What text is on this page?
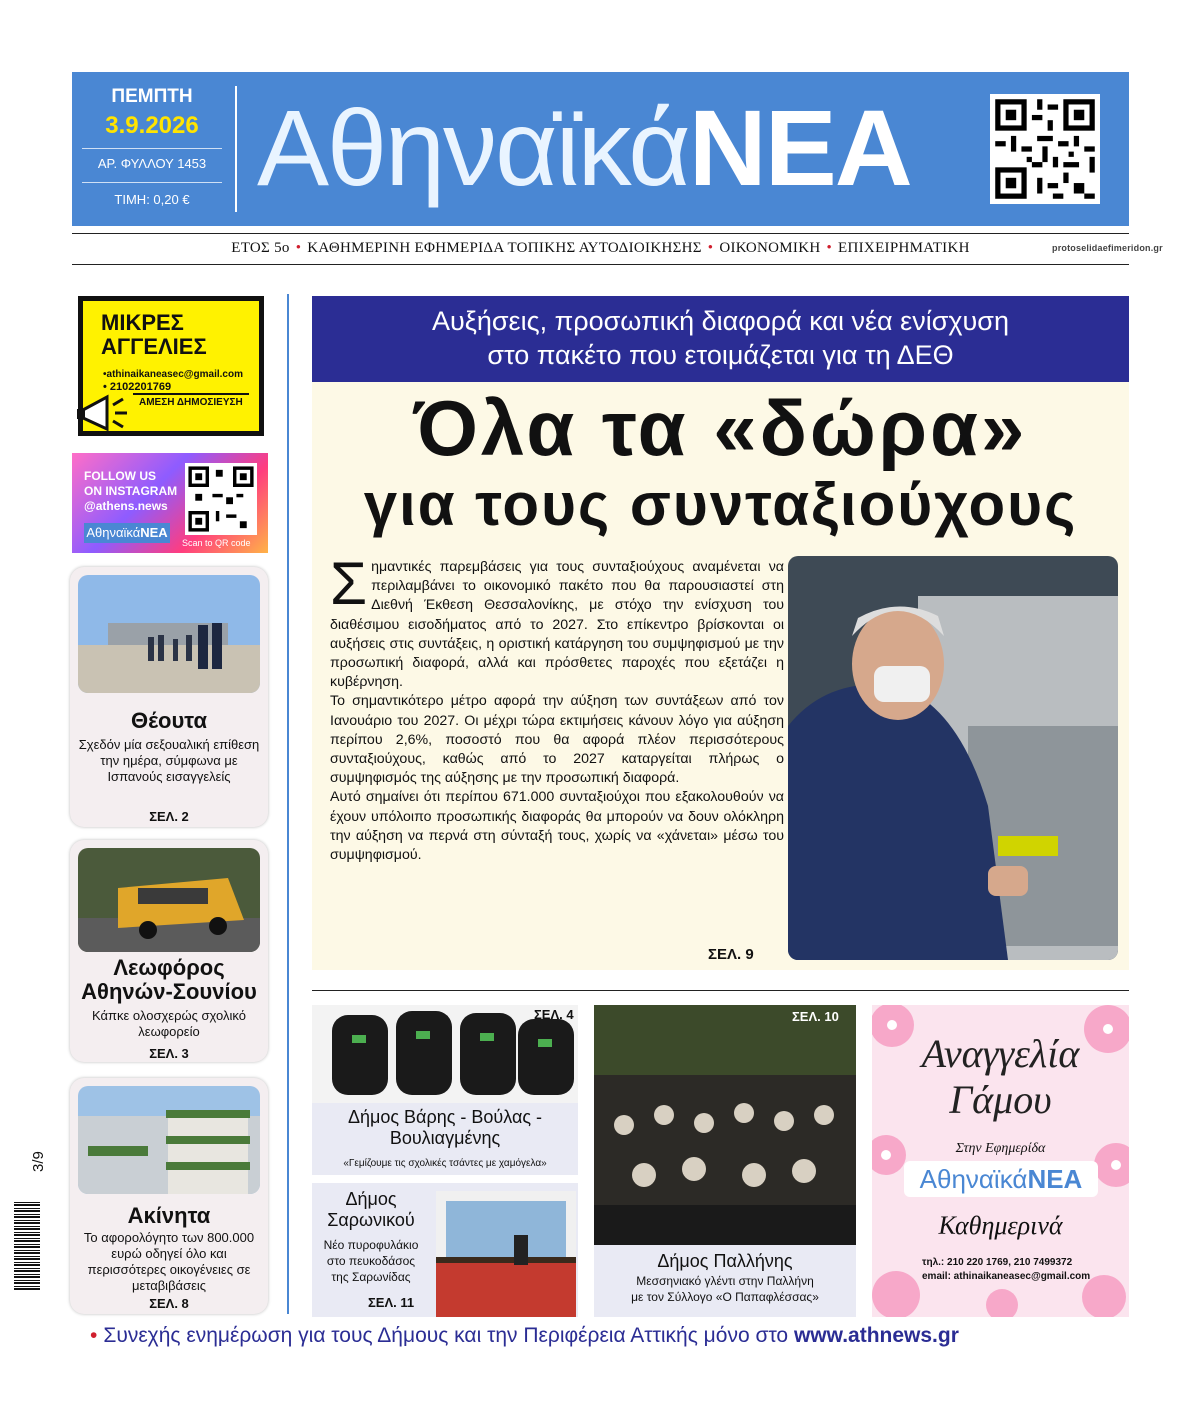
ΠΕΜΠΤΗ
3.9.2026
ΑΡ. ΦΥΛΛΟΥ 1453
ΤΙΜΗ: 0,20 € ΑθηναϊκάΝΕΑ
ΕΤΟΣ 5ο • ΚΑΘΗΜΕΡΙΝΗ ΕΦΗΜΕΡΙΔΑ ΤΟΠΙΚΗΣ ΑΥΤΟΔΙΟΙΚΗΣΗΣ • ΟΙΚΟΝΟΜΙΚΗ • ΕΠΙΧΕΙΡΗΜΑΤΙΚΗ	protoselidaefimeridon.gr
ΜΙΚΡΕΣ
ΑΓΓΕΛΙΕΣ
•athinaikaneasec@gmail.com
• 2102201769
ΑΜΕΣΗ ΔΗΜΟΣΙΕΥΣΗ
FOLLOW US
ON INSTAGRAM
@athens.news
ΑθηναϊκάΝΕΑ
Scan to QR code
Θέουτα
Σχεδόν μία σεξουαλική επίθεση την ημέρα, σύμφωνα με Ισπανούς εισαγγελείς
ΣΕΛ. 2
Λεωφόρος Αθηνών-Σουνίου
Κάπκε ολοσχερώς σχολικό λεωφορείο
ΣΕΛ. 3
Ακίνητα
Το αφορολόγητο των 800.000 ευρώ οδηγεί όλο και περισσότερες οικογένειες σε μεταβιβάσεις
ΣΕΛ. 8
Αυξήσεις, προσωπική διαφορά και νέα ενίσχυση
στο πακέτο που ετοιμάζεται για τη ΔΕΘ
Όλα τα «δώρα»
για τους συνταξιούχους
Σημαντικές παρεμβάσεις για τους συνταξιούχους αναμένεται να περιλαμβάνει το οικονομικό πακέτο που θα παρουσιαστεί στη Διεθνή Έκθεση Θεσσαλονίκης, με στόχο την ενίσχυση του διαθέσιμου εισοδήματος από το 2027. Στο επίκεντρο βρίσκονται οι αυξήσεις στις συντάξεις, η οριστική κατάργηση του συμψηφισμού με την προσωπική διαφορά, αλλά και πρόσθετες παροχές που εξετάζει η κυβέρνηση.
Το σημαντικότερο μέτρο αφορά την αύξηση των συντάξεων από τον Ιανουάριο του 2027. Οι μέχρι τώρα εκτιμήσεις κάνουν λόγο για αύξηση περίπου 2,6%, ποσοστό που θα αφορά πλέον περισσότερους συνταξιούχους, καθώς από το 2027 καταργείται πλήρως ο συμψηφισμός της αύξησης με την προσωπική διαφορά.
Αυτό σημαίνει ότι περίπου 671.000 συνταξιούχοι που εξακολουθούν να έχουν υπόλοιπο προσωπικής διαφοράς θα μπορούν να δουν ολόκληρη την αύξηση να περνά στη σύνταξή τους, χωρίς να «χάνεται» μέσω του συμψηφισμού.
ΣΕΛ. 9
ΣΕΛ. 4
Δήμος Βάρης - Βούλας - Βουλιαγμένης
«Γεμίζουμε τις σχολικές τσάντες με χαμόγελα»
Δήμος Σαρωνικού
Νέο πυροφυλάκιο στο πευκοδάσος της Σαρωνίδας
ΣΕΛ. 11
ΣΕΛ. 10
Δήμος Παλλήνης
Μεσσηνιακό γλέντι στην Παλλήνη
με τον Σύλλογο «Ο Παπαφλέσσας»
Αναγγελία
Γάμου
Στην Εφημερίδα
ΑθηναϊκάΝΕΑ
Καθημερινά
τηλ.: 210 220 1769, 210 7499372
email: athinaikaneasec@gmail.com
3/9
• Συνεχής ενημέρωση για τους Δήμους και την Περιφέρεια Αττικής μόνο στο www.athnews.gr
